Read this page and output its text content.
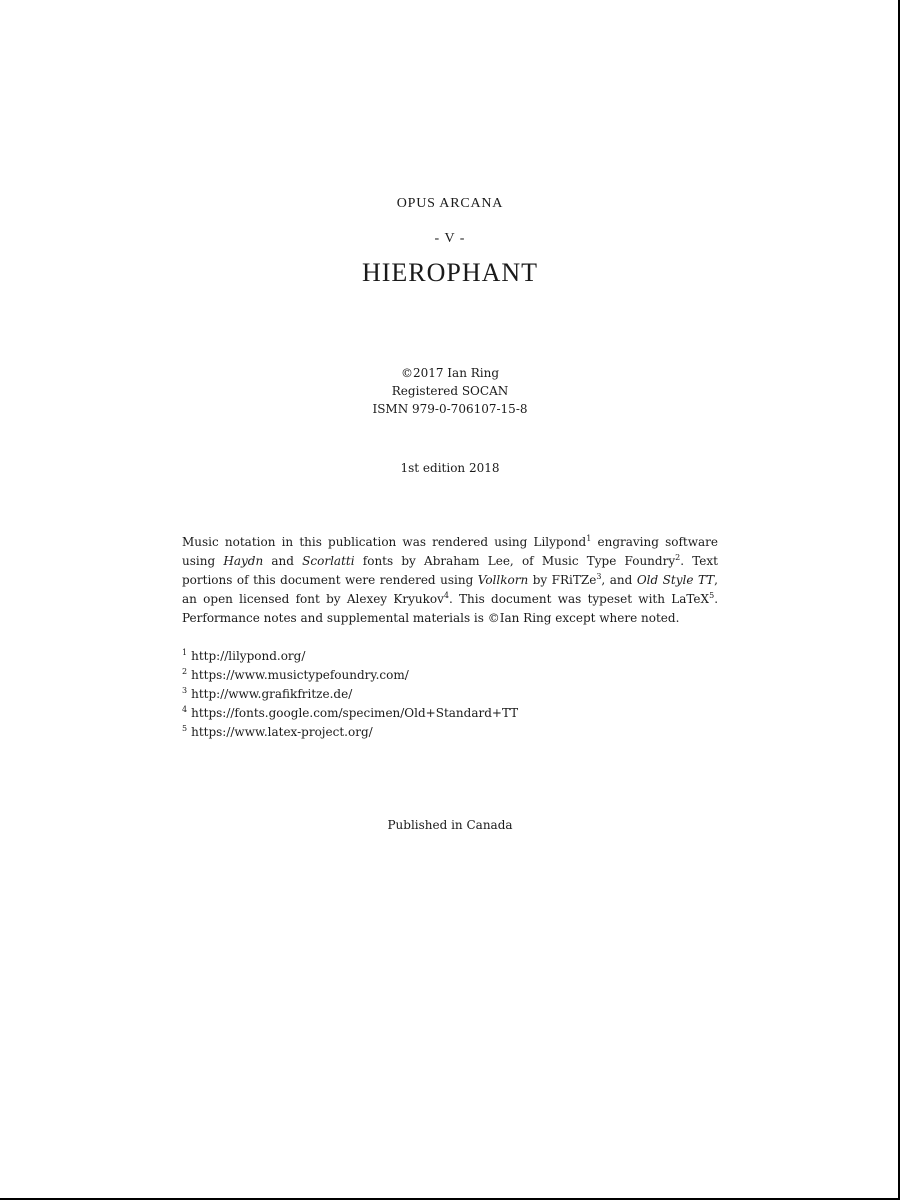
OPUS ARCANA
- V -
HIEROPHANT
©2017 Ian Ring
Registered SOCAN
ISMN 979-0-706107-15-8
1st edition 2018
Music notation in this publication was rendered using Lilypond$^1$ engraving software using Haydn and Scorlatti fonts by Abraham Lee, of Music Type Foundry$^2$. Text portions of this document were rendered using Vollkorn by FRiTZe$^3$, and Old Style TT, an open licensed font by Alexey Kryukov$^4$. This document was typeset with LaTeX$^5$. Performance notes and supplemental materials is ©Ian Ring except where noted.
$^1$ http://lilypond.org/
$^2$ https://www.musictypefoundry.com/
$^3$ http://www.grafikfritze.de/
$^4$ https://fonts.google.com/specimen/Old+Standard+TT
$^5$ https://www.latex-project.org/
Published in Canada
